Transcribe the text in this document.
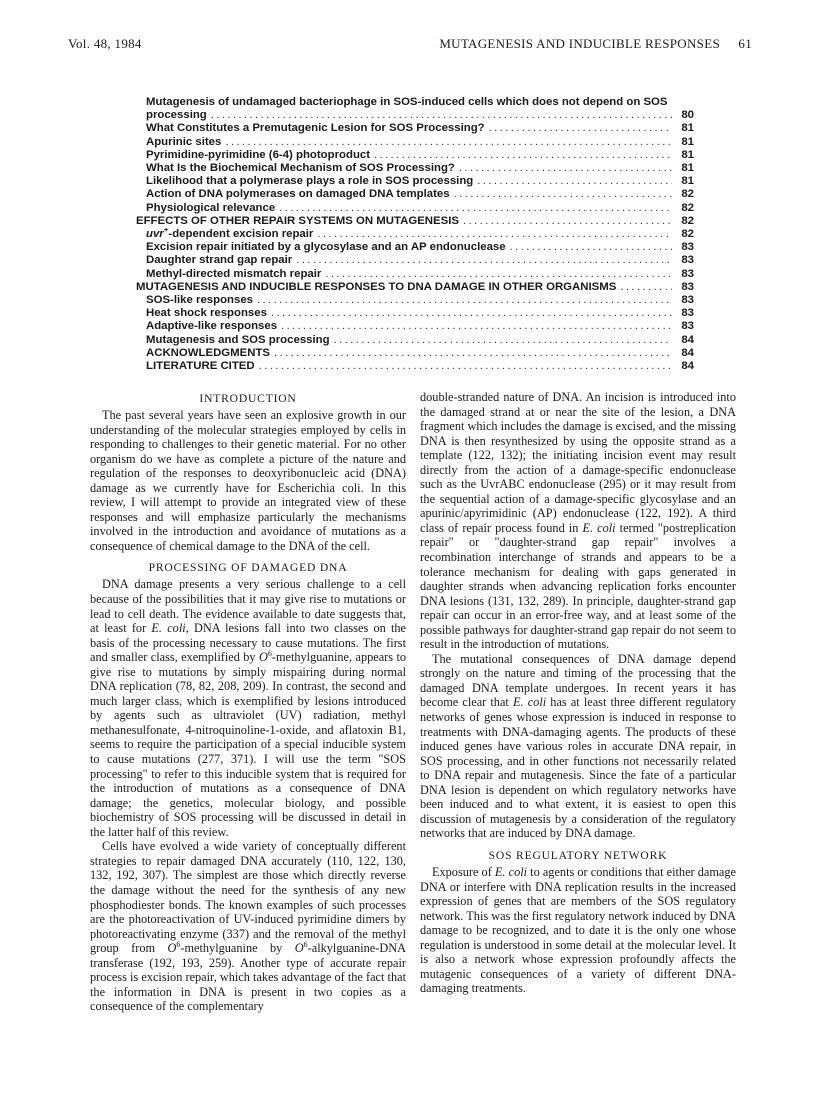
Vol. 48, 1984	MUTAGENESIS AND INDUCIBLE RESPONSES 61
Mutagenesis of undamaged bacteriophage in SOS-induced cells which does not depend on SOS
processing . . .	80
What Constitutes a Premutagenic Lesion for SOS Processing? . . .	81
Apurinic sites . . .	81
Pyrimidine-pyrimidine (6-4) photoproduct . . .	81
What Is the Biochemical Mechanism of SOS Processing? . . .	81
Likelihood that a polymerase plays a role in SOS processing . . .	81
Action of DNA polymerases on damaged DNA templates . . .	82
Physiological relevance . . .	82
EFFECTS OF OTHER REPAIR SYSTEMS ON MUTAGENESIS . . .	82
uvr+-dependent excision repair . . .	82
Excision repair initiated by a glycosylase and an AP endonuclease . . .	83
Daughter strand gap repair . . .	83
Methyl-directed mismatch repair . . .	83
MUTAGENESIS AND INDUCIBLE RESPONSES TO DNA DAMAGE IN OTHER ORGANISMS . . .	83
SOS-like responses . . .	83
Heat shock responses . . .	83
Adaptive-like responses . . .	83
Mutagenesis and SOS processing . . .	84
ACKNOWLEDGMENTS . . .	84
LITERATURE CITED . . .	84
INTRODUCTION

The past several years have seen an explosive growth in our understanding of the molecular strategies employed by cells in responding to challenges to their genetic material. For no other organism do we have as complete a picture of the nature and regulation of the responses to deoxyribonucleic acid (DNA) damage as we currently have for Escherichia coli. In this review, I will attempt to provide an integrated view of these responses and will emphasize particularly the mechanisms involved in the introduction and avoidance of mutations as a consequence of chemical damage to the DNA of the cell.

PROCESSING OF DAMAGED DNA

DNA damage presents a very serious challenge to a cell because of the possibilities that it may give rise to mutations or lead to cell death. The evidence available to date suggests that, at least for E. coli, DNA lesions fall into two classes on the basis of the processing necessary to cause mutations. The first and smaller class, exemplified by $O^6$-methylguanine, appears to give rise to mutations by simply mispairing during normal DNA replication (78, 82, 208, 209). In contrast, the second and much larger class, which is exemplified by lesions introduced by agents such as ultraviolet (UV) radiation, methyl methanesulfonate, 4-nitroquinoline-1-oxide, and aflatoxin B1, seems to require the participation of a special inducible system to cause mutations (277, 371). I will use the term "SOS processing" to refer to this inducible system that is required for the introduction of mutations as a consequence of DNA damage; the genetics, molecular biology, and possible biochemistry of SOS processing will be discussed in detail in the latter half of this review.

Cells have evolved a wide variety of conceptually different strategies to repair damaged DNA accurately (110, 122, 130, 132, 192, 307). The simplest are those which directly reverse the damage without the need for the synthesis of any new phosphodiester bonds. The known examples of such processes are the photoreactivation of UV-induced pyrimidine dimers by photoreactivating enzyme (337) and the removal of the methyl group from $O^6$-methylguanine by $O^6-alkylguanine$-DNA transferase (192, 193, 259). Another type of accurate repair process is excision repair, which takes advantage of the fact that the information in DNA is present in two copies as a consequence of the complementary

double-stranded nature of DNA. An incision is introduced into the damaged strand at or near the site of the lesion, a DNA fragment which includes the damage is excised, and the missing DNA is then resynthesized by using the opposite strand as a template (122, 132); the initiating incision event may result directly from the action of a damage-specific endonuclease such as the UvrABC endonuclease (295) or it may result from the sequential action of a damage-specific glycosylase and an apurinic/apyrimidinic (AP) endonuclease (122, 192). A third class of repair process found in E. coli termed "postreplication repair" or "daughter-strand gap repair" involves a recombination interchange of strands and appears to be a tolerance mechanism for dealing with gaps generated in daughter strands when advancing replication forks encounter DNA lesions (131, 132, 289). In principle, daughter-strand gap repair can occur in an error-free way, and at least some of the possible pathways for daughter-strand gap repair do not seem to result in the introduction of mutations.

The mutational consequences of DNA damage depend strongly on the nature and timing of the processing that the damaged DNA template undergoes. In recent years it has become clear that E. coli has at least three different regulatory networks of genes whose expression is induced in response to treatments with DNA-damaging agents. The products of these induced genes have various roles in accurate DNA repair, in SOS processing, and in other functions not necessarily related to DNA repair and mutagenesis. Since the fate of a particular DNA lesion is dependent on which regulatory networks have been induced and to what extent, it is easiest to open this discussion of mutagenesis by a consideration of the regulatory networks that are induced by DNA damage.

SOS REGULATORY NETWORK

Exposure of E. coli to agents or conditions that either damage DNA or interfere with DNA replication results in the increased expression of genes that are members of the SOS regulatory network. This was the first regulatory network induced by DNA damage to be recognized, and to date it is the only one whose regulation is understood in some detail at the molecular level. It is also a network whose expression profoundly affects the mutagenic consequences of a variety of different DNA-damaging treatments.
